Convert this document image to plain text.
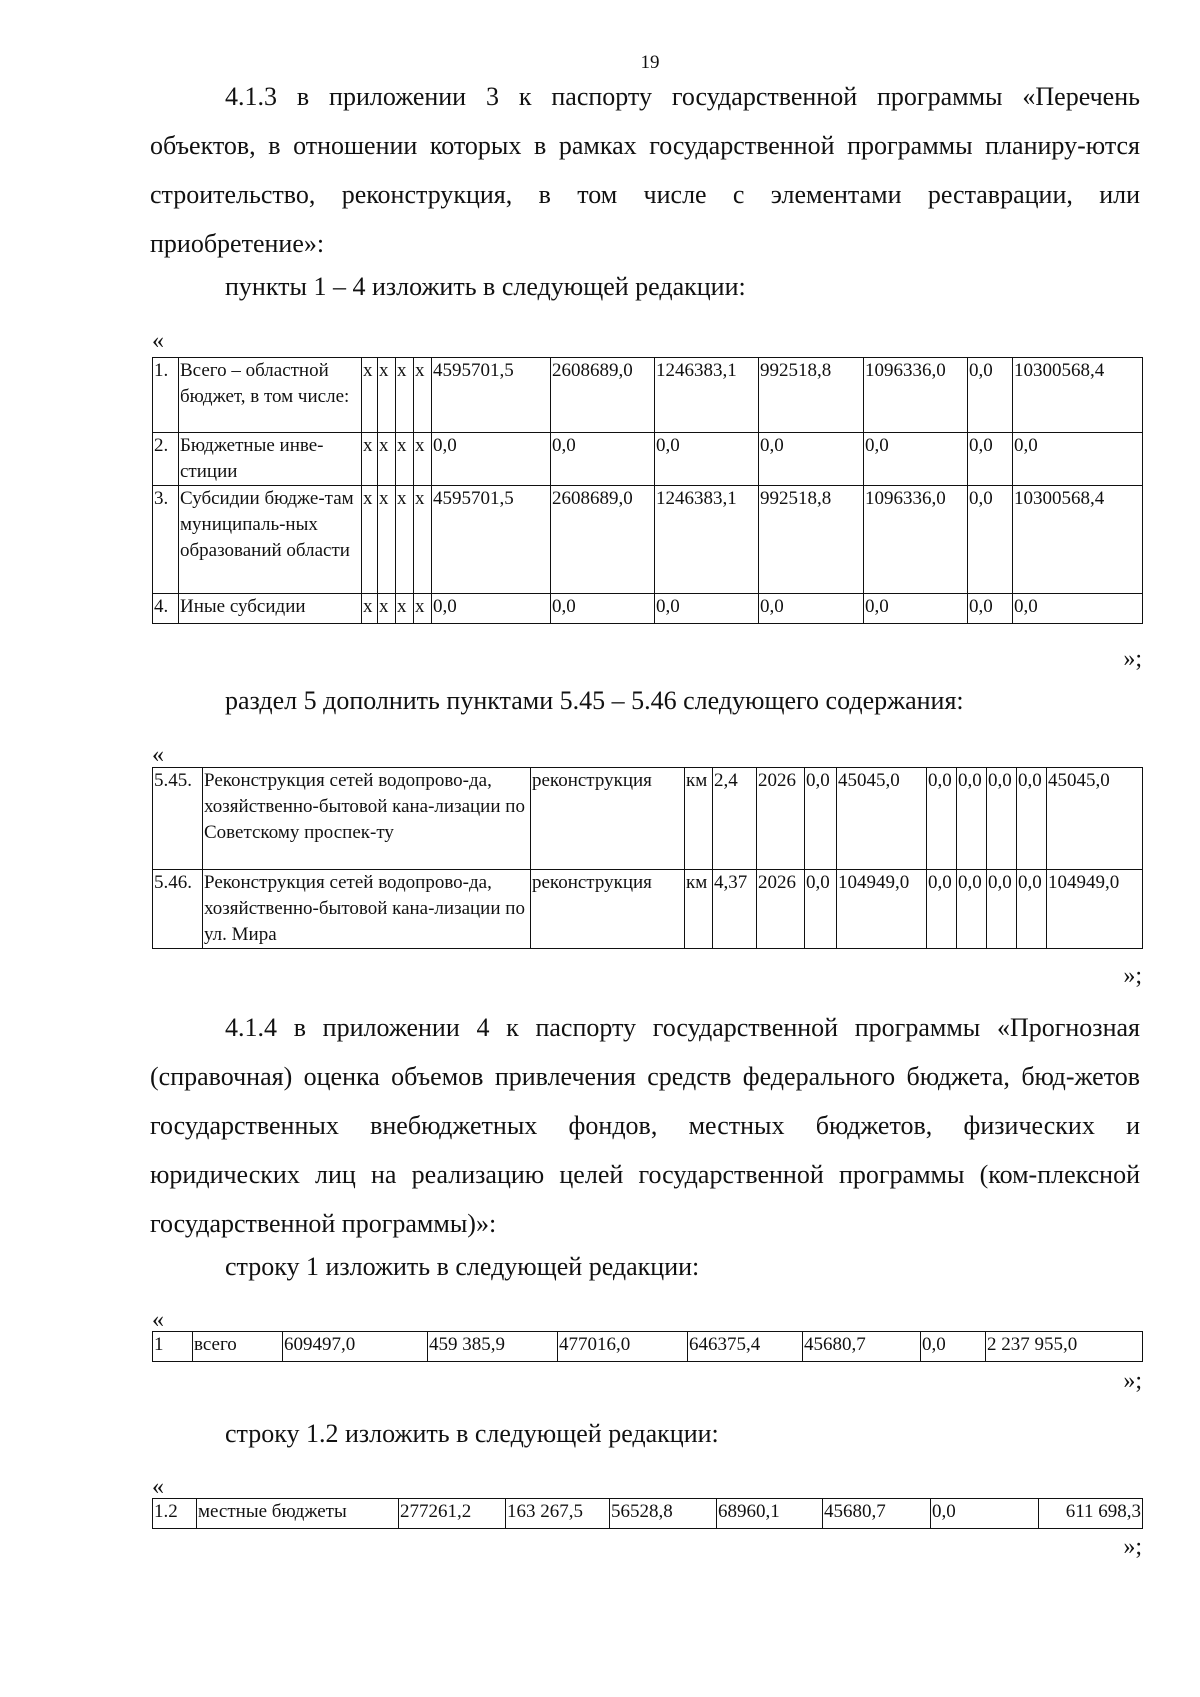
19
4.1.3 в приложении 3 к паспорту государственной программы «Перечень объектов, в отношении которых в рамках государственной программы планиру-ются строительство, реконструкция, в том числе с элементами реставрации, или приобретение»:
пункты 1 – 4 изложить в следующей редакции:
«
1.	Всего – областной бюджет, в том числе:	x	x	x	x	4595701,5	2608689,0	1246383,1	992518,8	1096336,0	0,0	10300568,4
2.	Бюджетные инве-стиции	x	x	x	x	0,0	0,0	0,0	0,0	0,0	0,0	0,0
3.	Субсидии бюдже-там муниципаль-ных образований области	x	x	x	x	4595701,5	2608689,0	1246383,1	992518,8	1096336,0	0,0	10300568,4
4.	Иные субсидии	x	x	x	x	0,0	0,0	0,0	0,0	0,0	0,0	0,0
»;
раздел 5 дополнить пунктами 5.45 – 5.46 следующего содержания:
«
5.45.	Реконструкция сетей водопрово-да, хозяйственно-бытовой кана-лизации по Советскому проспек-ту	реконструкция	км	2,4	2026	0,0	45045,0	0,0	0,0	0,0	0,0	45045,0
5.46.	Реконструкция сетей водопрово-да, хозяйственно-бытовой кана-лизации по ул. Мира	реконструкция	км	4,37	2026	0,0	104949,0	0,0	0,0	0,0	0,0	104949,0
»;
4.1.4 в приложении 4 к паспорту государственной программы «Прогнозная (справочная) оценка объемов привлечения средств федерального бюджета, бюд-жетов государственных внебюджетных фондов, местных бюджетов, физических и юридических лиц на реализацию целей государственной программы (ком-плексной государственной программы)»:
строку 1 изложить в следующей редакции:
«
1	всего	609497,0	459 385,9	477016,0	646375,4	45680,7	0,0	2 237 955,0
»;
строку 1.2 изложить в следующей редакции:
«
1.2	местные бюджеты	277261,2	163 267,5	56528,8	68960,1	45680,7	0,0	611 698,3
»;
